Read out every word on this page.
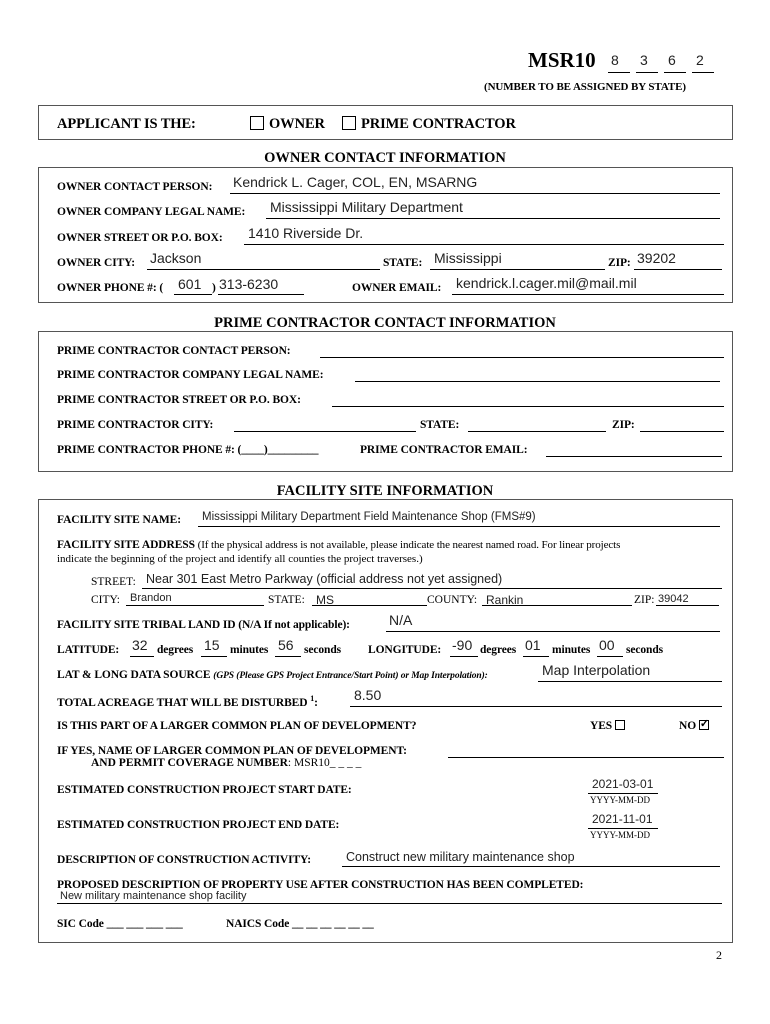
MSR10 8 3 6 2
(NUMBER TO BE ASSIGNED BY STATE)
APPLICANT IS THE:	OWNER	PRIME CONTRACTOR
OWNER CONTACT INFORMATION
OWNER CONTACT PERSON: Kendrick L. Cager, COL, EN, MSARNG
OWNER COMPANY LEGAL NAME: Mississippi Military Department
OWNER STREET OR P.O. BOX: 1410 Riverside Dr.
OWNER CITY: Jackson	STATE: Mississippi	ZIP: 39202
OWNER PHONE #: ( 601 ) 313-6230	OWNER EMAIL: kendrick.l.cager.mil@mail.mil
PRIME CONTRACTOR CONTACT INFORMATION
PRIME CONTRACTOR CONTACT PERSON:
PRIME CONTRACTOR COMPANY LEGAL NAME:
PRIME CONTRACTOR STREET OR P.O. BOX:
PRIME CONTRACTOR CITY:	STATE:	ZIP:
PRIME CONTRACTOR PHONE #: (____)_________	PRIME CONTRACTOR EMAIL:
FACILITY SITE INFORMATION
FACILITY SITE NAME: Mississippi Military Department Field Maintenance Shop (FMS#9)
FACILITY SITE ADDRESS (If the physical address is not available, please indicate the nearest named road. For linear projects
indicate the beginning of the project and identify all counties the project traverses.)
STREET: Near 301 East Metro Parkway (official address not yet assigned)
CITY: Brandon	STATE: MS	COUNTY: Rankin	ZIP: 39042
FACILITY SITE TRIBAL LAND ID (N/A If not applicable):	N/A
LATITUDE: 32 degrees 15 minutes 56 seconds LONGITUDE: -90 degrees 01 minutes 00 seconds
LAT & LONG DATA SOURCE (GPS (Please GPS Project Entrance/Start Point) or Map Interpolation):	Map Interpolation
TOTAL ACREAGE THAT WILL BE DISTURBED $^1$:	8.50
IS THIS PART OF A LARGER COMMON PLAN OF DEVELOPMENT?	YES	NO ✓
IF YES, NAME OF LARGER COMMON PLAN OF DEVELOPMENT:
AND PERMIT COVERAGE NUMBER: MSR10_ _ _ _
ESTIMATED CONSTRUCTION PROJECT START DATE:	2021-03-01
YYYY-MM-DD
ESTIMATED CONSTRUCTION PROJECT END DATE:	2021-11-01
YYYY-MM-DD
DESCRIPTION OF CONSTRUCTION ACTIVITY:	Construct new military maintenance shop
PROPOSED DESCRIPTION OF PROPERTY USE AFTER CONSTRUCTION HAS BEEN COMPLETED:
New military maintenance shop facility
SIC Code ___ ___ ___ ___	NAICS Code __ __ __ __ __ __
2
